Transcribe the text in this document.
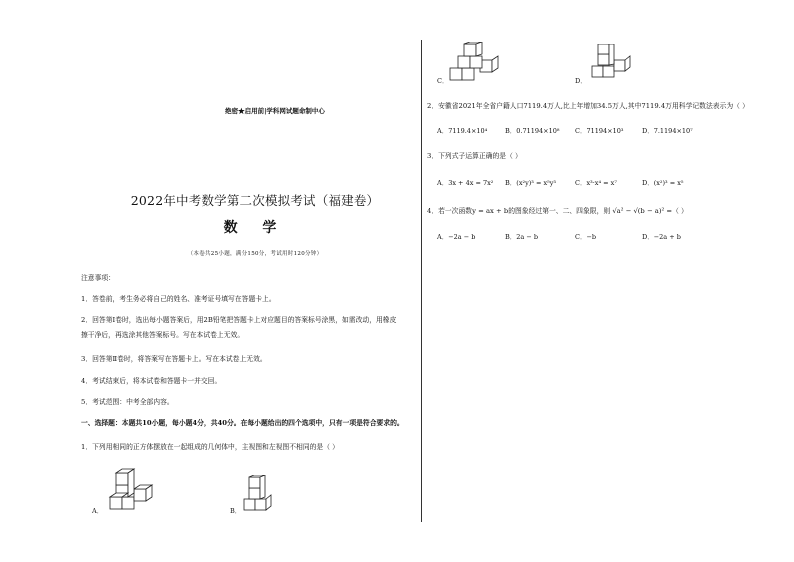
绝密★启用前|学科网试题命制中心
2022年中考数学第二次模拟考试（福建卷）
数 学
（本卷共25小题，满分150分，考试用时120分钟）
注意事项：
1．答卷前，考生务必将自己的姓名、准考证号填写在答题卡上。
2．回答第Ⅰ卷时，选出每小题答案后，用2B铅笔把答题卡上对应题目的答案标号涂黑，如需改动，用橡皮
擦干净后，再选涂其他答案标号。写在本试卷上无效。
3．回答第Ⅱ卷时，将答案写在答题卡上。写在本试卷上无效。
4．考试结束后，将本试卷和答题卡一并交回。
5．考试范围：中考全部内容。
一、选择题：本题共10小题，每小题4分，共40分。在每小题给出的四个选项中，只有一项是符合要求的。
1．下列用相同的正方体摆放在一起组成的几何体中，主视图和左视图不相同的是（ ）
A．	B．
C．	D．
2．安徽省2021年全省户籍人口7119.4万人,比上年增加34.5万人,其中7119.4万用科学记数法表示为（ ）
A．7119.4×10⁴	B．0.71194×10⁸ C．71194×10³	D．7.1194×10⁷
3．下列式子运算正确的是（ ）
A．3x + 4x = 7x² B．(x²y)³ = x⁵y³	C．x³·x⁴ = x⁷	D．(x²)³ = x⁵
4．若一次函数y = ax + b的图象经过第一、二、四象限，则 √a² − √(b − a)² =（ ）
A．−2a − b	B．2a − b	C．−b	D．−2a + b
